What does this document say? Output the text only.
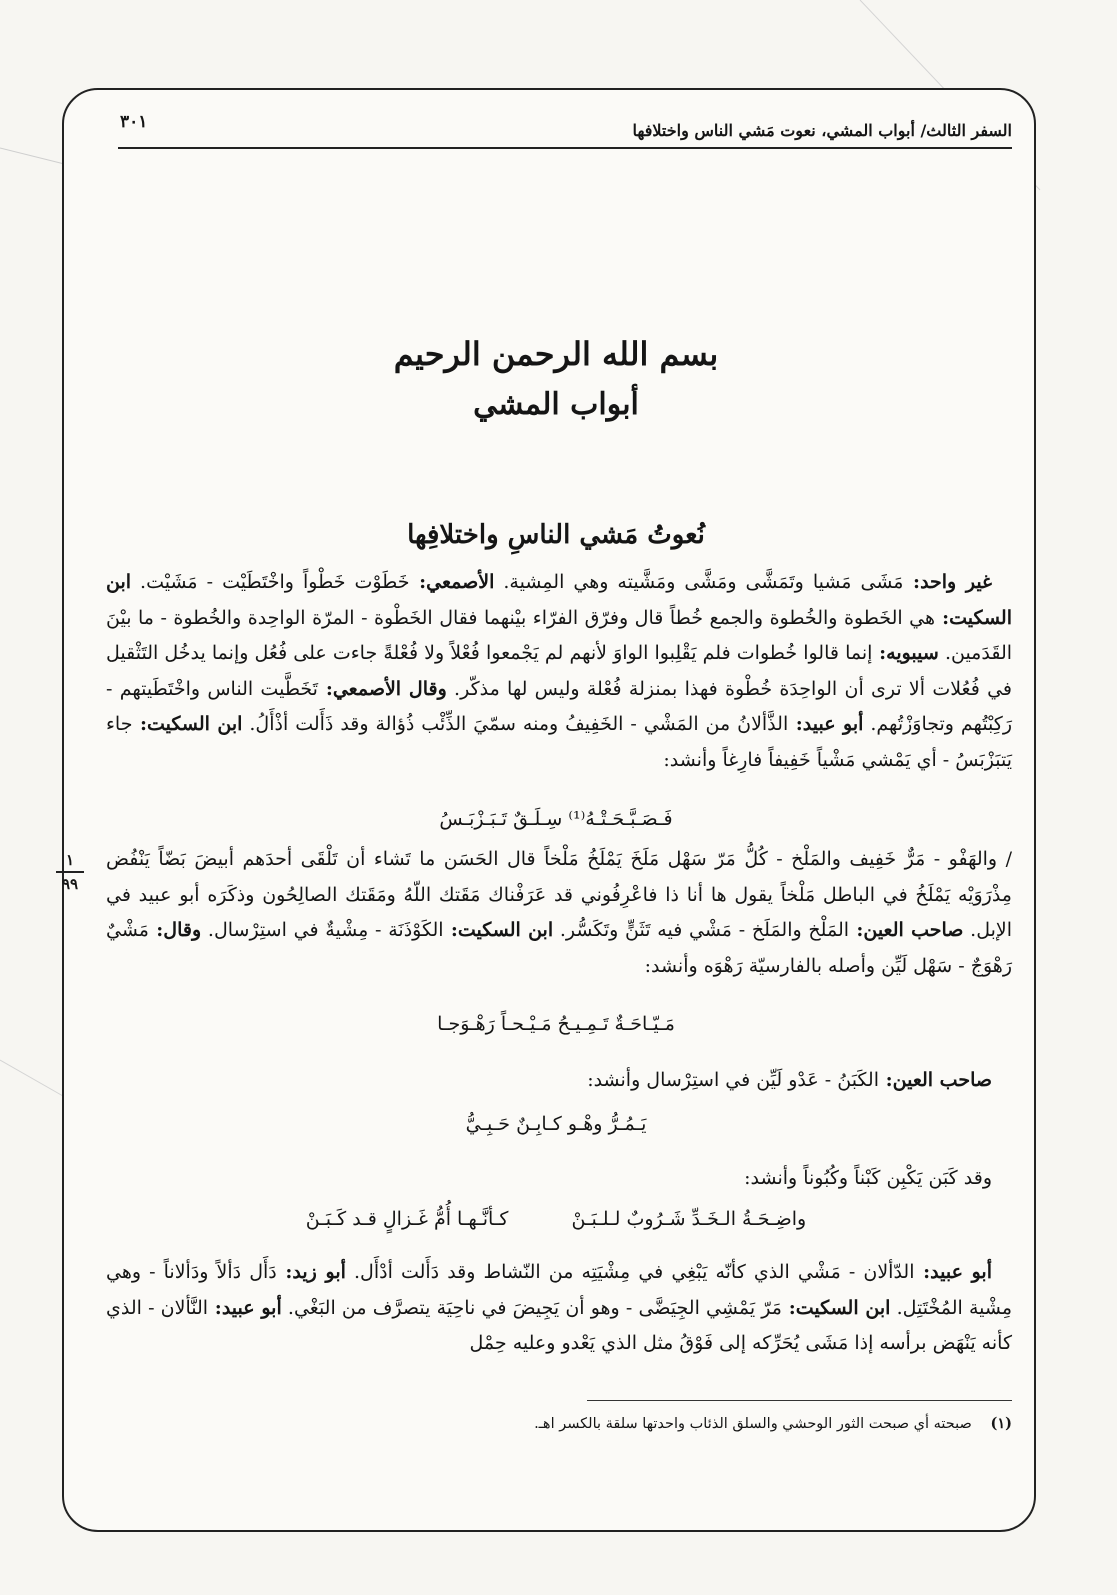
السفر الثالث/ أبواب المشي، نعوت مَشي الناس واختلافها
٣٠١
بسم الله الرحمن الرحيم
أبواب المشي
نُعوتُ مَشي الناسِ واختلافِها

غير واحد: مَشَى مَشيا وتَمَشَّى ومَشَّى ومَشَّيته وهي المِشية. الأصمعي: خَطَوْت خَطْواً واخْتَطَيْت - مَشَيْت. ابن السكيت: هي الخَطوة والخُطوة والجمع خُطاً قال وفرّق الفرّاء بيْنهما فقال الخَطْوة - المرّة الواحِدة والخُطوة - ما بيْنَ القَدَمين. سيبويه: إنما قالوا خُطوات فلم يَقْلِبوا الواوَ لأنهم لم يَجْمعوا فُعْلاً ولا فُعْلةً جاءت على فُعُل وإنما يدخُل التَثْقيل في فُعُلات ألا ترى أن الواحِدَة خُطْوة فهذا بمنزلة فُعْلة وليس لها مذكّر. وقال الأصمعي: تَخَطَّيت الناس واخْتَطَيتهم - رَكِبْتُهم وتجاوَزْتُهم. أبو عبيد: الذَّألانُ من المَشْي - الخَفِيفُ ومنه سمّيَ الذِّئْب ذُؤالة وقد ذَأَلت أذْأَلُ. ابن السكيت: جاء يَتبَزْبَسُ - أي يَمْشي مَشْياً خَفِيفاً فارِغاً وأنشد:

فَـصَـبَّـحَـتْـهُ⁽¹⁾ سِـلَـقٌ تَـبَـزْبَـسُ
١
٩٩

/ والهَفْو - مَرٌّ خَفِيف والمَلْخ - كُلُّ مَرّ سَهْل مَلَخَ يَمْلَخُ مَلْخاً قال الحَسَن ما تَشاء أن تَلْقَى أحدَهم أبيضَ بَضّاً يَنْفُض مِذْرَوَيْه يَمْلَخُ في الباطل مَلْخاً يقول ها أنا ذا فاعْرِفُوني قد عَرَفْناك مَقَتك اللّهُ ومَقَتك الصالِحُون وذكَرَه أبو عبيد في الإبل. صاحب العين: المَلْخ والمَلَخ - مَشْي فيه تَثَنٍّ وتَكَسُّر. ابن السكيت: الكَوْذَنَة - مِشْيةٌ في استِرْسال. وقال: مَشْيٌ رَهْوَجٌ - سَهْل لَيِّن وأصله بالفارسيّة رَهْوَه وأنشد:

مَـيّـاحَـةٌ تَـمِـيـحُ مَـيْـحـاً رَهْـوَجـا

صاحب العين: الكَبَنُ - عَدْو لَيِّن في استِرْسال وأنشد:

يَـمُـرُّ وهْـو كـابِـنٌ حَـبِـيُّ

وقد كَبَن يَكْبِن كَبْناً وكُبُوناً وأنشد:

واضِـحَـةُ الـخَـدِّ شَـرُوبٌ لـلـبَـنْ كـأنَّـهـا أُمُّ غَـزالٍ قـد كَـبَـنْ

أبو عبيد: الدّألان - مَشْي الذي كأنّه يَبْغِي في مِشْيَتِه من النّشاط وقد دَأَلت أدْأَل. أبو زيد: دَأَل دَألاً ودَألاناً - وهي مِشْية المُخْتَتِل. ابن السكيت: مَرّ يَمْشِي الجِيَضَّى - وهو أن يَجِيضَ في ناحِيَة يتصرَّف من البَغْي. أبو عبيد: النَّألان - الذي كأنه يَنْهَض برأسه إذا مَشَى يُحَرِّكه إلى فَوْقُ مثل الذي يَعْدو وعليه حِمْل

(١) صبحته أي صبحت الثور الوحشي والسلق الذئاب واحدتها سلقة بالكسر اهـ.
